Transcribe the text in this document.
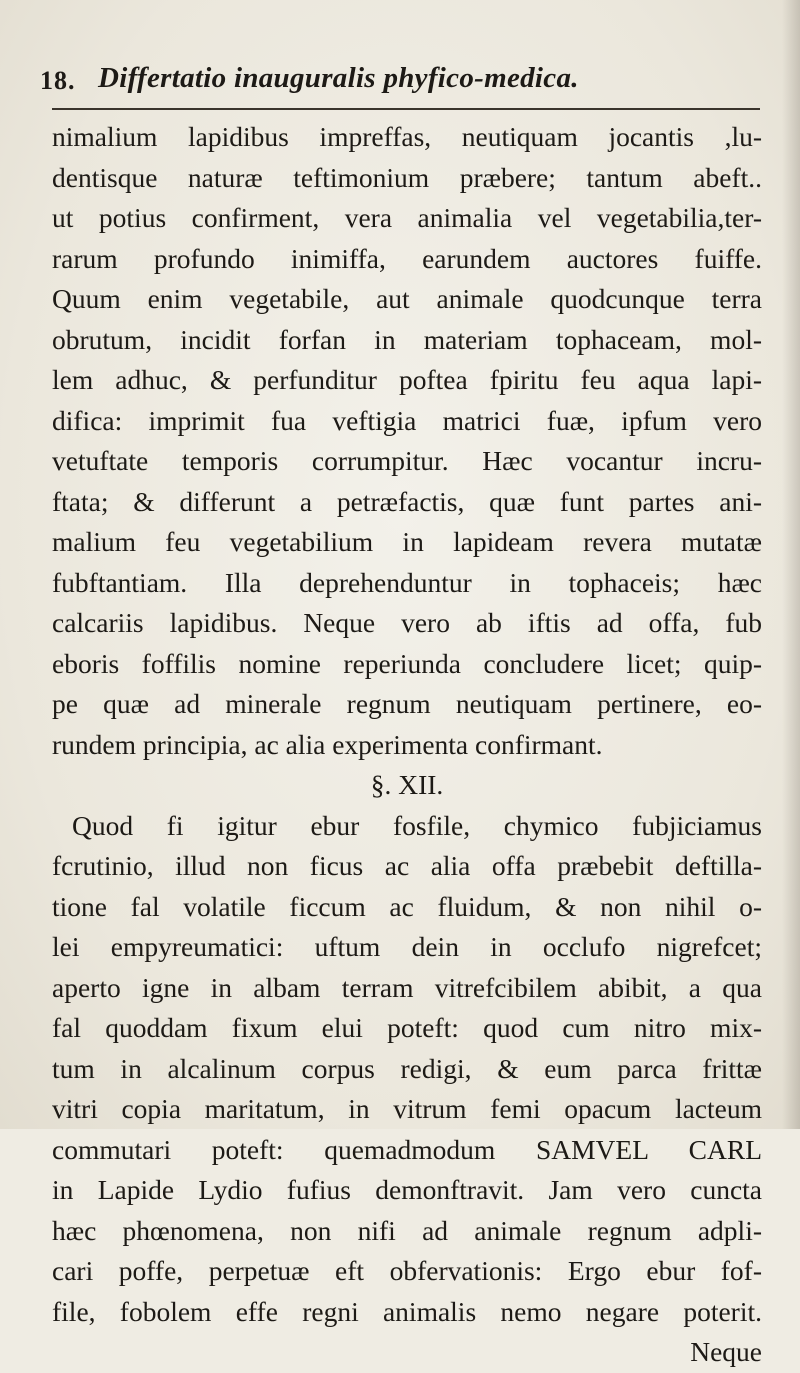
18. Differtatio inauguralis phyfico-medica.
nimalium lapidibus impreffas, neutiquam jocantis ,lu-
dentisque naturæ teftimonium præbere; tantum abeft..
ut potius confirment, vera animalia vel vegetabilia,ter-
rarum profundo inimiffa, earundem auctores fuiffe.
Quum enim vegetabile, aut animale quodcunque terra
obrutum, incidit forfan in materiam tophaceam, mol-
lem adhuc, & perfunditur poftea fpiritu feu aqua lapi-
difica: imprimit fua veftigia matrici fuæ, ipfum vero
vetuftate temporis corrumpitur. Hæc vocantur incru-
ftata; & differunt a petræfactis, quæ funt partes ani-
malium feu vegetabilium in lapideam revera mutatæ
fubftantiam. Illa deprehenduntur in tophaceis; hæc
calcariis lapidibus. Neque vero ab iftis ad offa, fub
eboris foffilis nomine reperiunda concludere licet; quip-
pe quæ ad minerale regnum neutiquam pertinere, eo-
rundem principia, ac alia experimenta confirmant.
§. XII.
Quod fi igitur ebur fosfile, chymico fubjiciamus
fcrutinio, illud non ficus ac alia offa præbebit deftilla-
tione fal volatile ficcum ac fluidum, & non nihil o-
lei empyreumatici: uftum dein in occlufo nigrefcet;
aperto igne in albam terram vitrefcibilem abibit, a qua
fal quoddam fixum elui poteft: quod cum nitro mix-
tum in alcalinum corpus redigi, & eum parca frittæ
vitri copia maritatum, in vitrum femi opacum lacteum
commutari poteft: quemadmodum SAMVEL CARL
in Lapide Lydio fufius demonftravit. Jam vero cuncta
hæc phœnomena, non nifi ad animale regnum adpli-
cari poffe, perpetuæ eft obfervationis: Ergo ebur fof-
file, fobolem effe regni animalis nemo negare poterit.
Neque
